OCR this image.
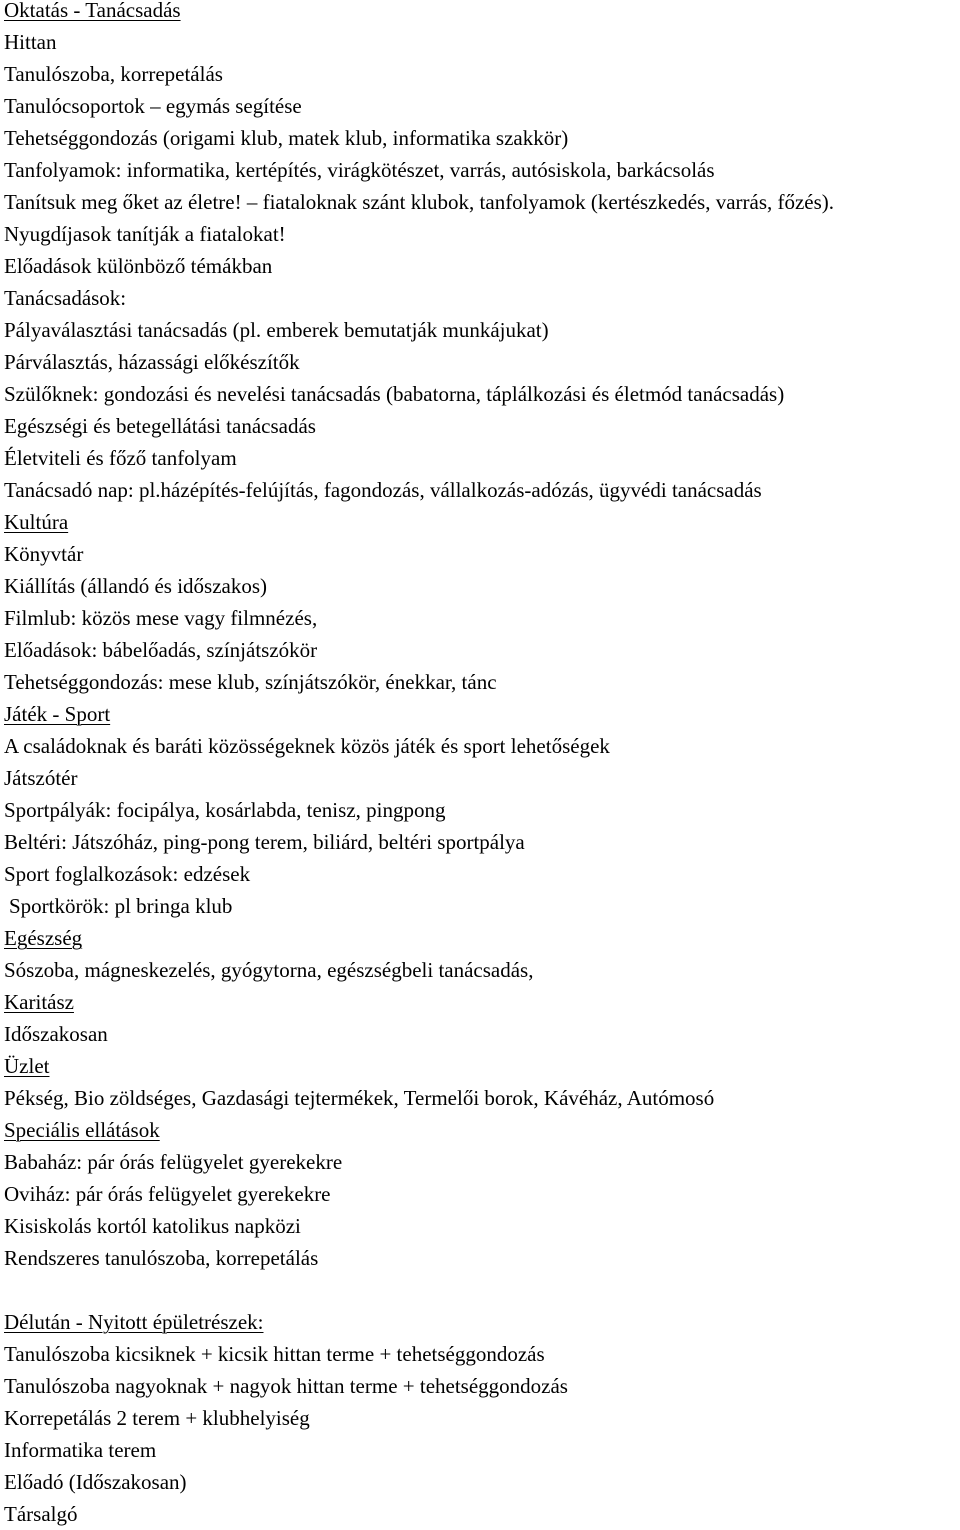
Oktatás - Tanácsadás
Hittan
Tanulószoba, korrepetálás
Tanulócsoportok – egymás segítése
Tehetséggondozás (origami klub, matek klub, informatika szakkör)
Tanfolyamok: informatika, kertépítés, virágkötészet, varrás, autósiskola, barkácsolás
Tanítsuk meg őket az életre! – fiataloknak szánt klubok, tanfolyamok (kertészkedés, varrás, főzés).
Nyugdíjasok tanítják a fiatalokat!
Előadások különböző témákban
Tanácsadások:
Pályaválasztási tanácsadás (pl. emberek bemutatják munkájukat)
Párválasztás, házassági előkészítők
Szülőknek: gondozási és nevelési tanácsadás (babatorna, táplálkozási és életmód tanácsadás)
Egészségi és betegellátási tanácsadás
Életviteli és főző tanfolyam
Tanácsadó nap: pl.házépítés-felújítás, fagondozás, vállalkozás-adózás, ügyvédi tanácsadás
Kultúra
Könyvtár
Kiállítás (állandó és időszakos)
Filmlub: közös mese vagy filmnézés,
Előadások: bábelőadás, színjátszókör
Tehetséggondozás: mese klub, színjátszókör, énekkar, tánc
Játék - Sport
A családoknak és baráti közösségeknek közös játék és sport lehetőségek
Játszótér
Sportpályák: focipálya, kosárlabda, tenisz, pingpong
Beltéri: Játszóház, ping-pong terem, biliárd, beltéri sportpálya
Sport foglalkozások: edzések
Sportkörök: pl bringa klub
Egészség
Sószoba, mágneskezelés, gyógytorna, egészségbeli tanácsadás,
Karitász
Időszakosan
Üzlet
Pékség, Bio zöldséges, Gazdasági tejtermékek, Termelői borok, Kávéház, Autómosó
Speciális ellátások
Babaház: pár órás felügyelet gyerekekre
Oviház: pár órás felügyelet gyerekekre
Kisiskolás kortól katolikus napközi
Rendszeres tanulószoba, korrepetálás
Délután - Nyitott épületrészek:
Tanulószoba kicsiknek + kicsik hittan terme + tehetséggondozás
Tanulószoba nagyoknak + nagyok hittan terme + tehetséggondozás
Korrepetálás 2 terem + klubhelyiség
Informatika terem
Előadó (Időszakosan)
Társalgó
